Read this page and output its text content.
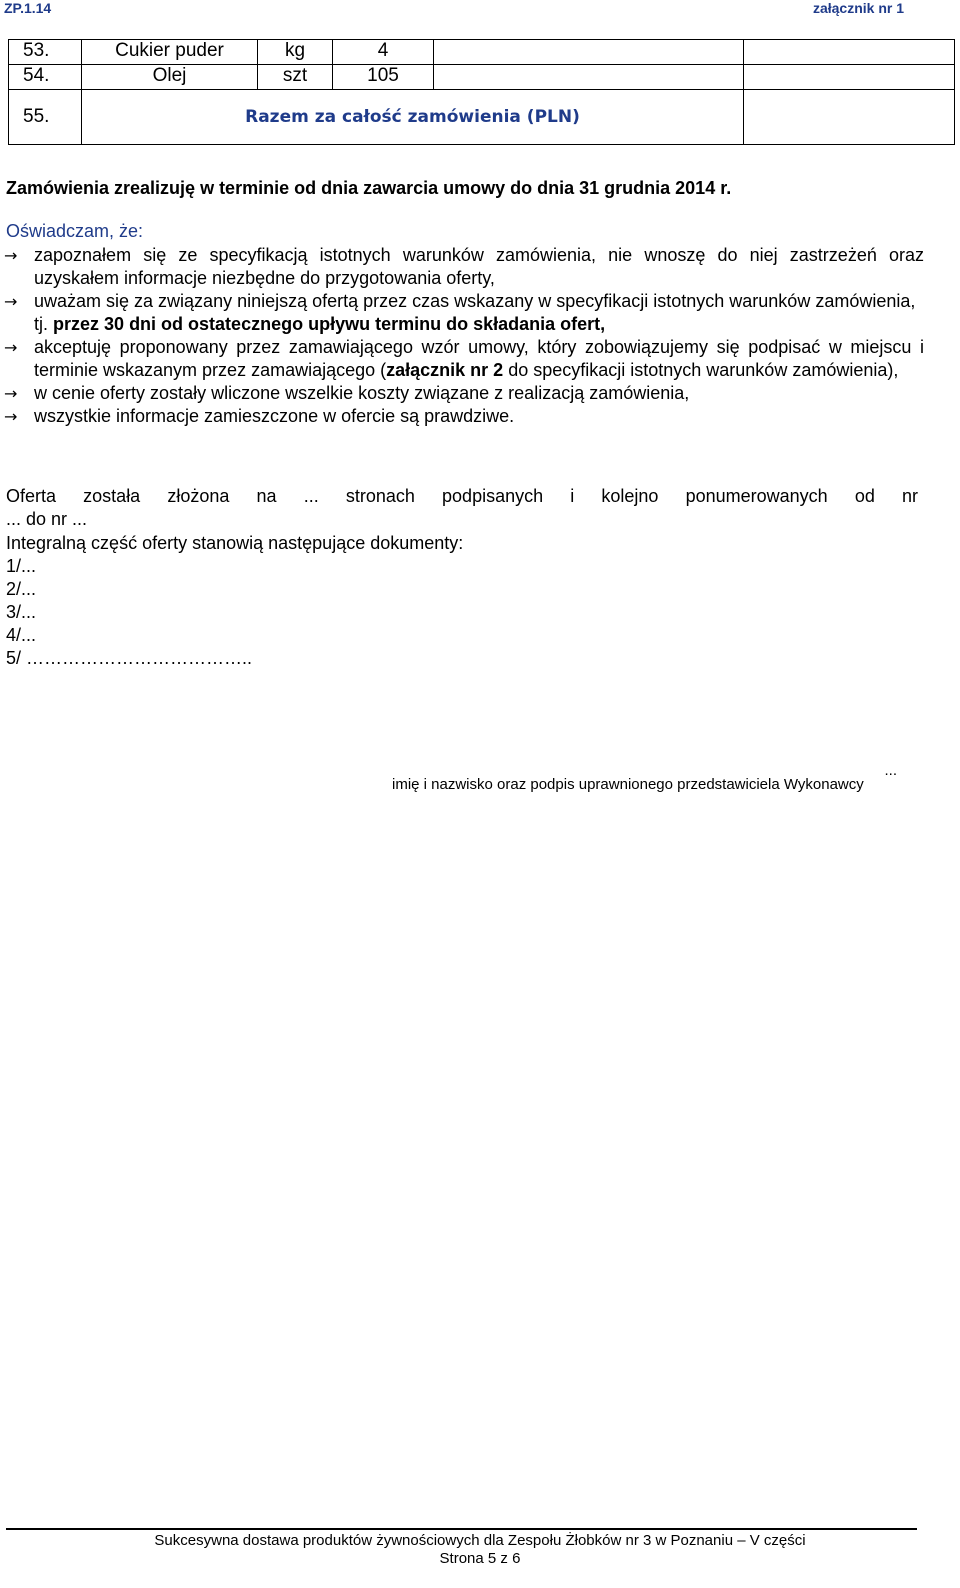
ZP.1.14	załącznik nr 1
53.	Cukier puder	kg	4		
54.	Olej	szt	105		
55.	Razem za całość zamówienia (PLN)				
Zamówienia zrealizuję w terminie od dnia zawarcia umowy do dnia 31 grudnia 2014 r.
Oświadczam, że:
→ zapoznałem się ze specyfikacją istotnych warunków zamówienia, nie wnoszę do niej zastrzeżeń oraz uzyskałem informacje niezbędne do przygotowania oferty,
→ uważam się za związany niniejszą ofertą przez czas wskazany w specyfikacji istotnych warunków zamówienia, tj. przez 30 dni od ostatecznego upływu terminu do składania ofert,
→ akceptuję proponowany przez zamawiającego wzór umowy, który zobowiązujemy się podpisać w miejscu i terminie wskazanym przez zamawiającego (załącznik nr 2 do specyfikacji istotnych warunków zamówienia),
→ w cenie oferty zostały wliczone wszelkie koszty związane z realizacją zamówienia,
→ wszystkie informacje zamieszczone w ofercie są prawdziwe.
Oferta została złożona na ... stronach podpisanych i kolejno ponumerowanych od nr
... do nr ...
Integralną część oferty stanowią następujące dokumenty:
1/...
2/...
3/...
4/...
5/ ………………………………..
...
imię i nazwisko oraz podpis uprawnionego przedstawiciela Wykonawcy
Sukcesywna dostawa produktów żywnościowych dla Zespołu Żłobków nr 3 w Poznaniu – V części
Strona 5 z 6
